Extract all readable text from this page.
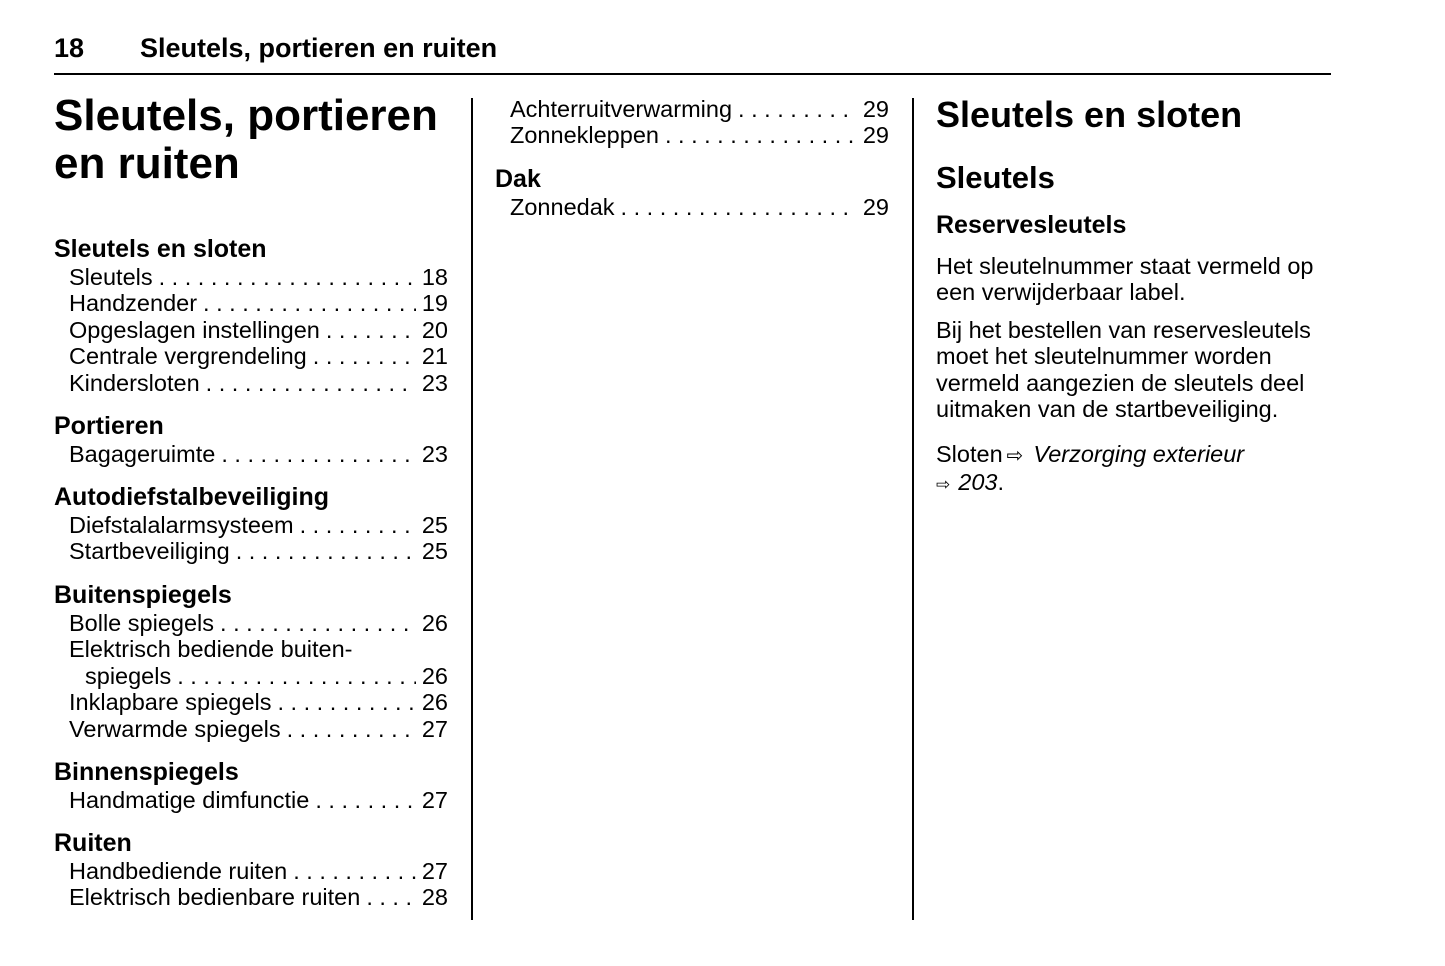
18 Sleutels, portieren en ruiten
Sleutels, portieren
en ruiten
Sleutels en sloten
Sleutels . . .	18
Handzender . . .	19
Opgeslagen instellingen . . .	20
Centrale vergrendeling . . .	21
Kindersloten . . .	23
Portieren
Bagageruimte . . .	23
Autodiefstalbeveiliging
Diefstalalarmsysteem . . .	25
Startbeveiliging . . .	25
Buitenspiegels
Bolle spiegels . . .	26
Elektrisch bediende buiten-
spiegels . . .	26
Inklapbare spiegels . . .	26
Verwarmde spiegels . . .	27
Binnenspiegels
Handmatige dimfunctie . . .	27
Ruiten
Handbediende ruiten . . .	27
Elektrisch bedienbare ruiten . . .	28
Achterruitverwarming . . .	29
Zonnekleppen . . .	29
Dak
Zonnedak . . .	29
Sleutels en sloten
Sleutels
Reservesleutels
Het sleutelnummer staat vermeld op
een verwijderbaar label.
Bij het bestellen van reservesleutels
moet het sleutelnummer worden
vermeld aangezien de sleutels deel
uitmaken van de startbeveiliging.
Sloten ⇨ Verzorging exterieur
⇨ 203.
